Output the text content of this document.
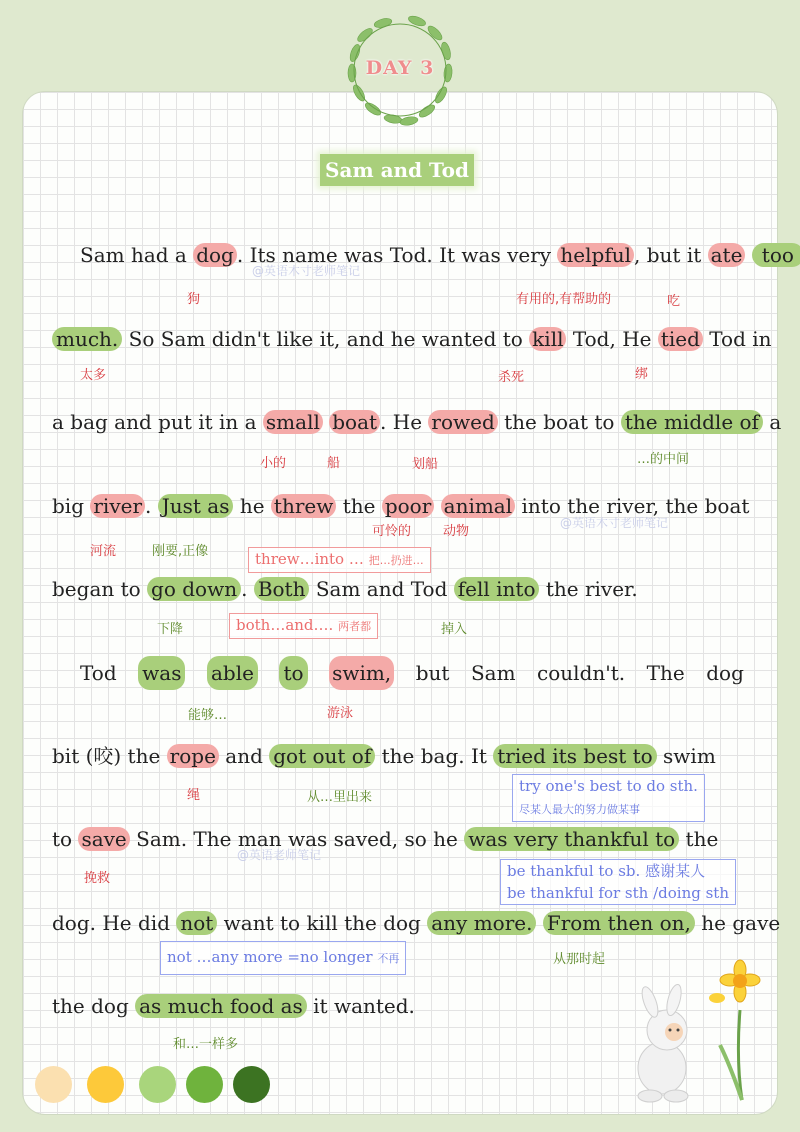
DAY 3
Sam and Tod
Sam had a dog . Its name was Tod. It was very helpful , but it ate too
狗	有用的,有帮助的	吃
@英语木寸老师笔记
much. So Sam didn't like it, and he wanted to kill Tod, He tied Tod in
太多	杀死	绑
a bag and put it in a small boat . He rowed the boat to the middle of a
小的	船	划船	…的中间
big river . Just as he threw the poor animal into the river, the boat
可怜的 动物
@英语木寸老师笔记
河流	刚要,正像	threw…into … 把…扔进…
began to go down . Both Sam and Tod fell into the river.
下降	both…and…. 两者都	掉入
Tod was able to swim, but Sam couldn't. The dog
能够…	游泳
bit (咬) the rope and got out of the bag. It tried its best to swim
绳	从…里出来
try one's best to do sth.
尽某人最大的努力做某事
to save Sam. The man was saved, so he was very thankful to the
@英语老师笔记
挽救	be thankful to sb. 感谢某人
be thankful for sth /doing sth
dog. He did not want to kill the dog any more. From then on, he gave
not …any more =no longer 不再	从那时起
the dog as much food as it wanted.
和…一样多
